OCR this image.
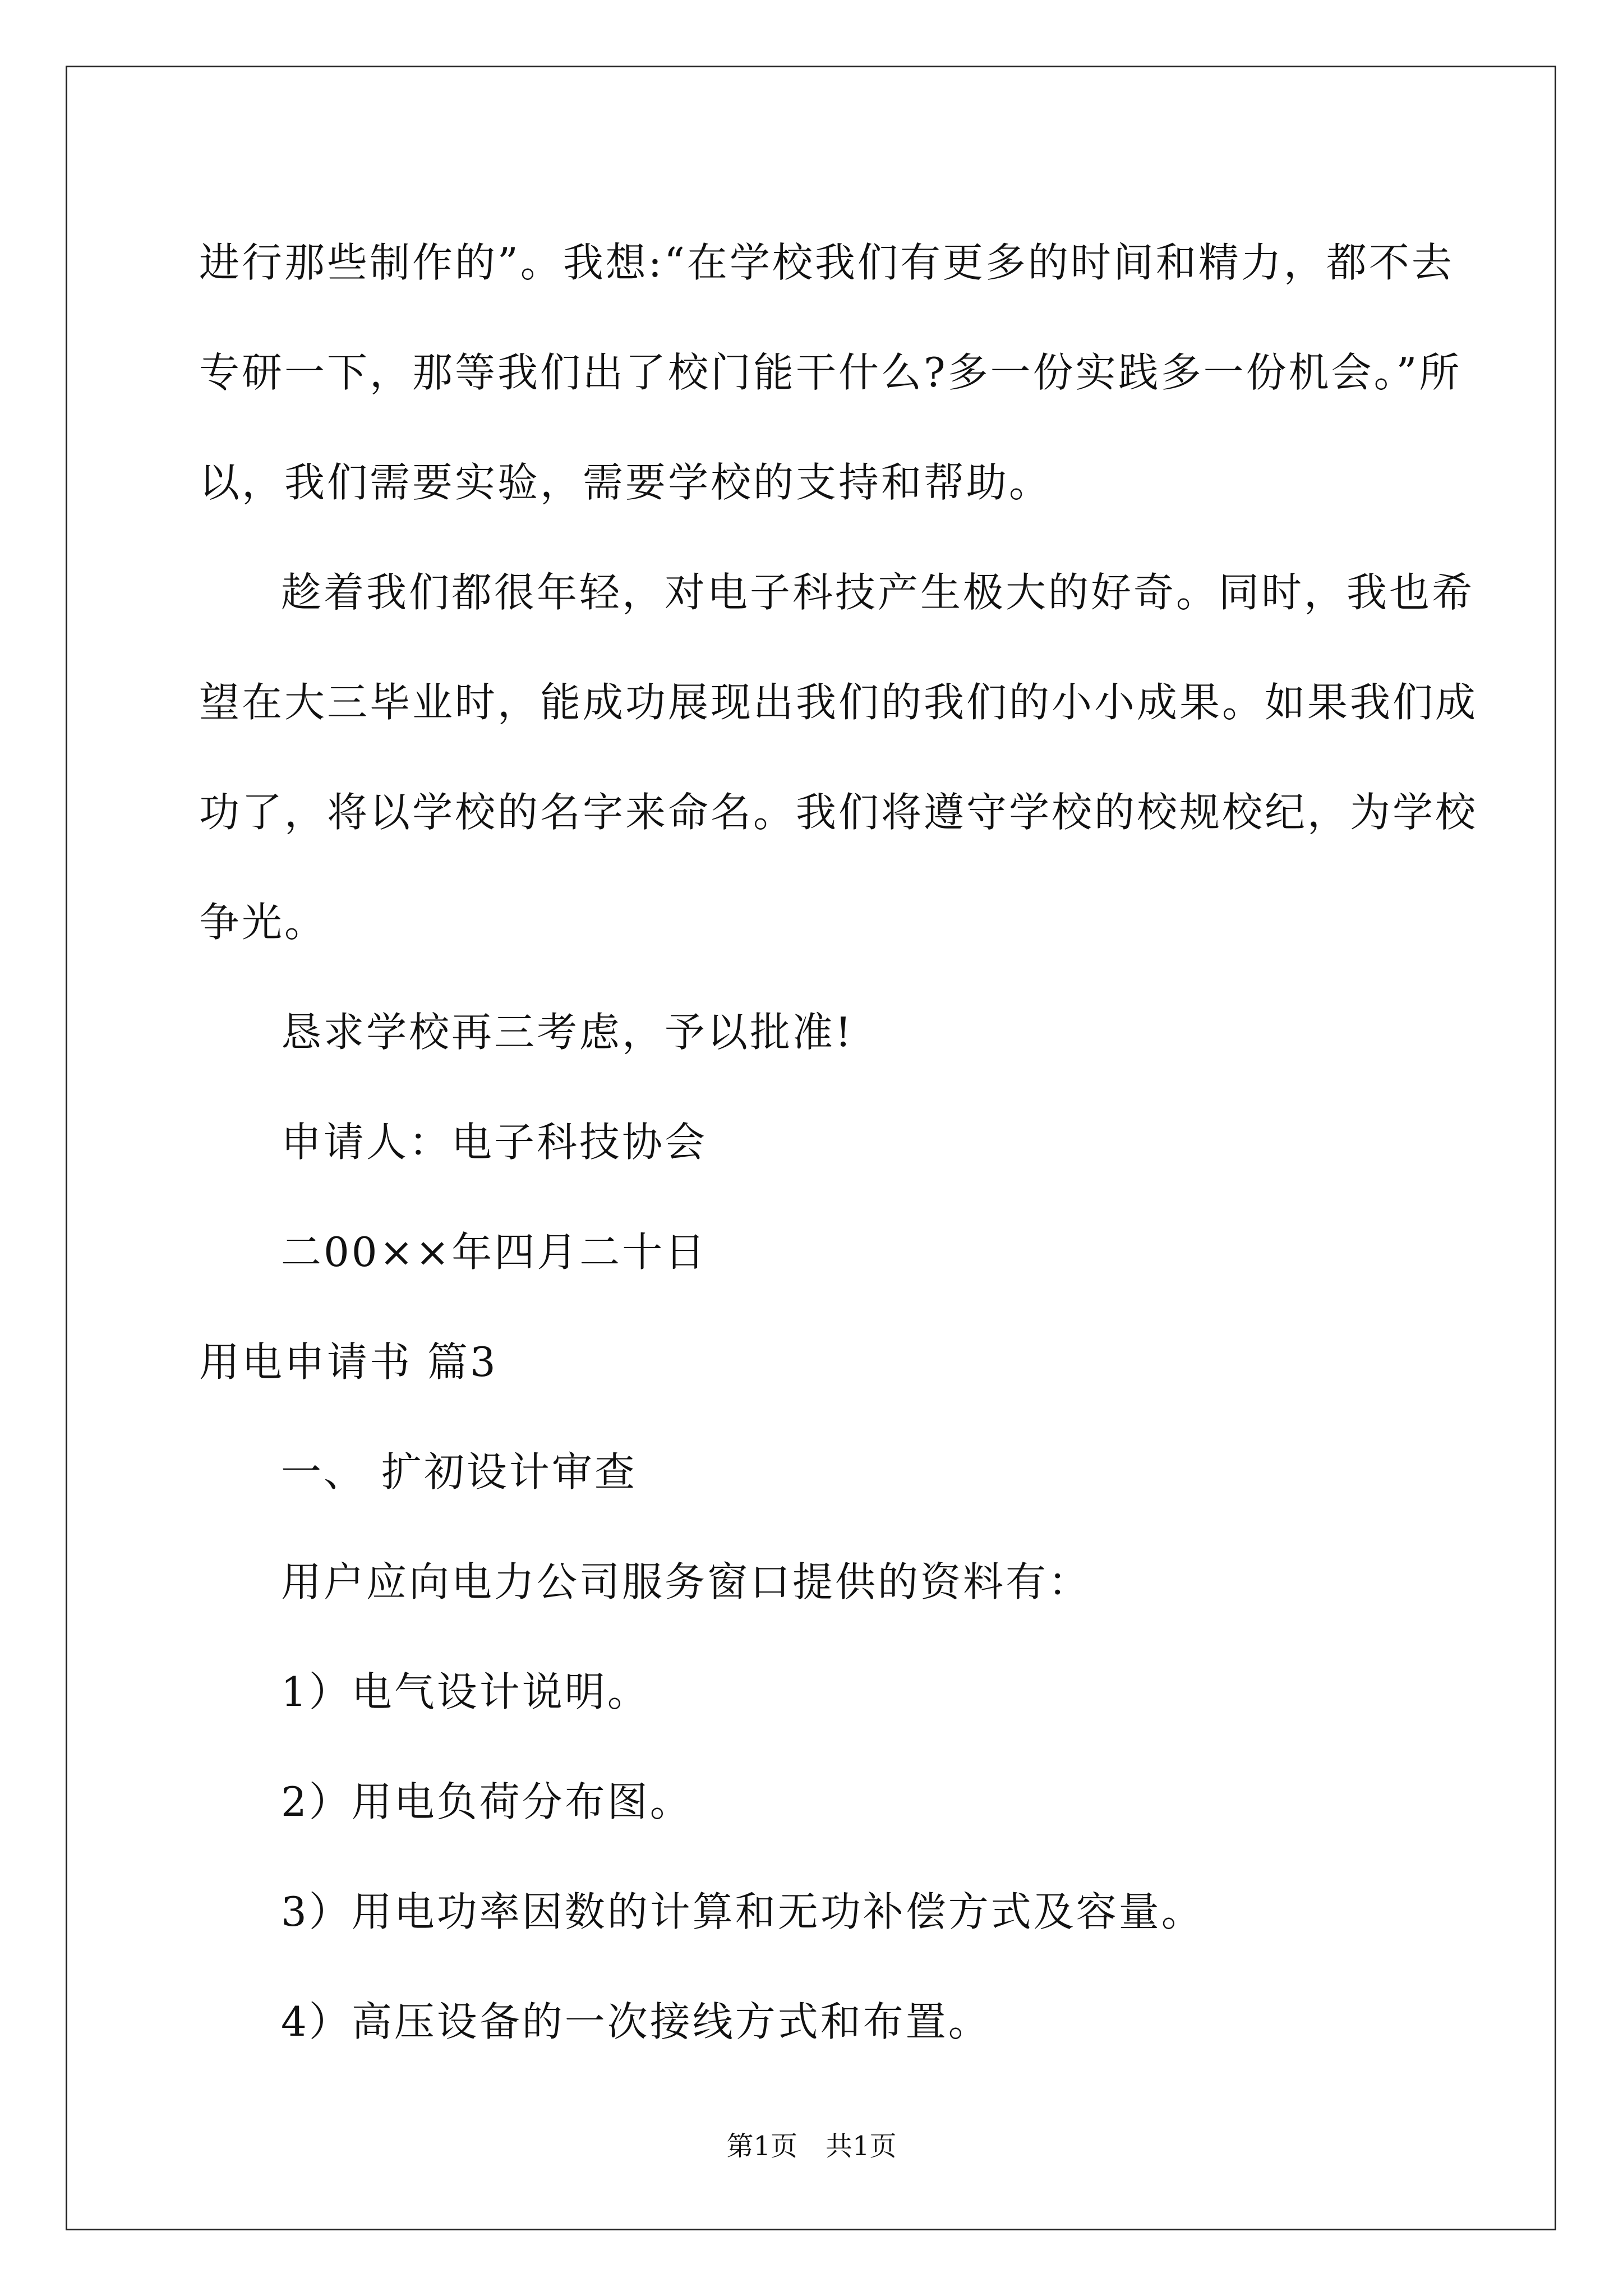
进行那些制作的”。我想:“在学校我们有更多的时间和精力，都不去
专研一下，那等我们出了校门能干什么?多一份实践多一份机会。”所
以，我们需要实验，需要学校的支持和帮助。
趁着我们都很年轻，对电子科技产生极大的好奇。同时，我也希
望在大三毕业时，能成功展现出我们的我们的小小成果。如果我们成
功了，将以学校的名字来命名。我们将遵守学校的校规校纪，为学校
争光。
恳求学校再三考虑，予以批准!
申请人：电子科技协会
二00××年四月二十日
用电申请书 篇3
一、 扩初设计审查
用户应向电力公司服务窗口提供的资料有：
1）电气设计说明。
2）用电负荷分布图。
3）用电功率因数的计算和无功补偿方式及容量。
4）高压设备的一次接线方式和布置。
第1页 共1页
